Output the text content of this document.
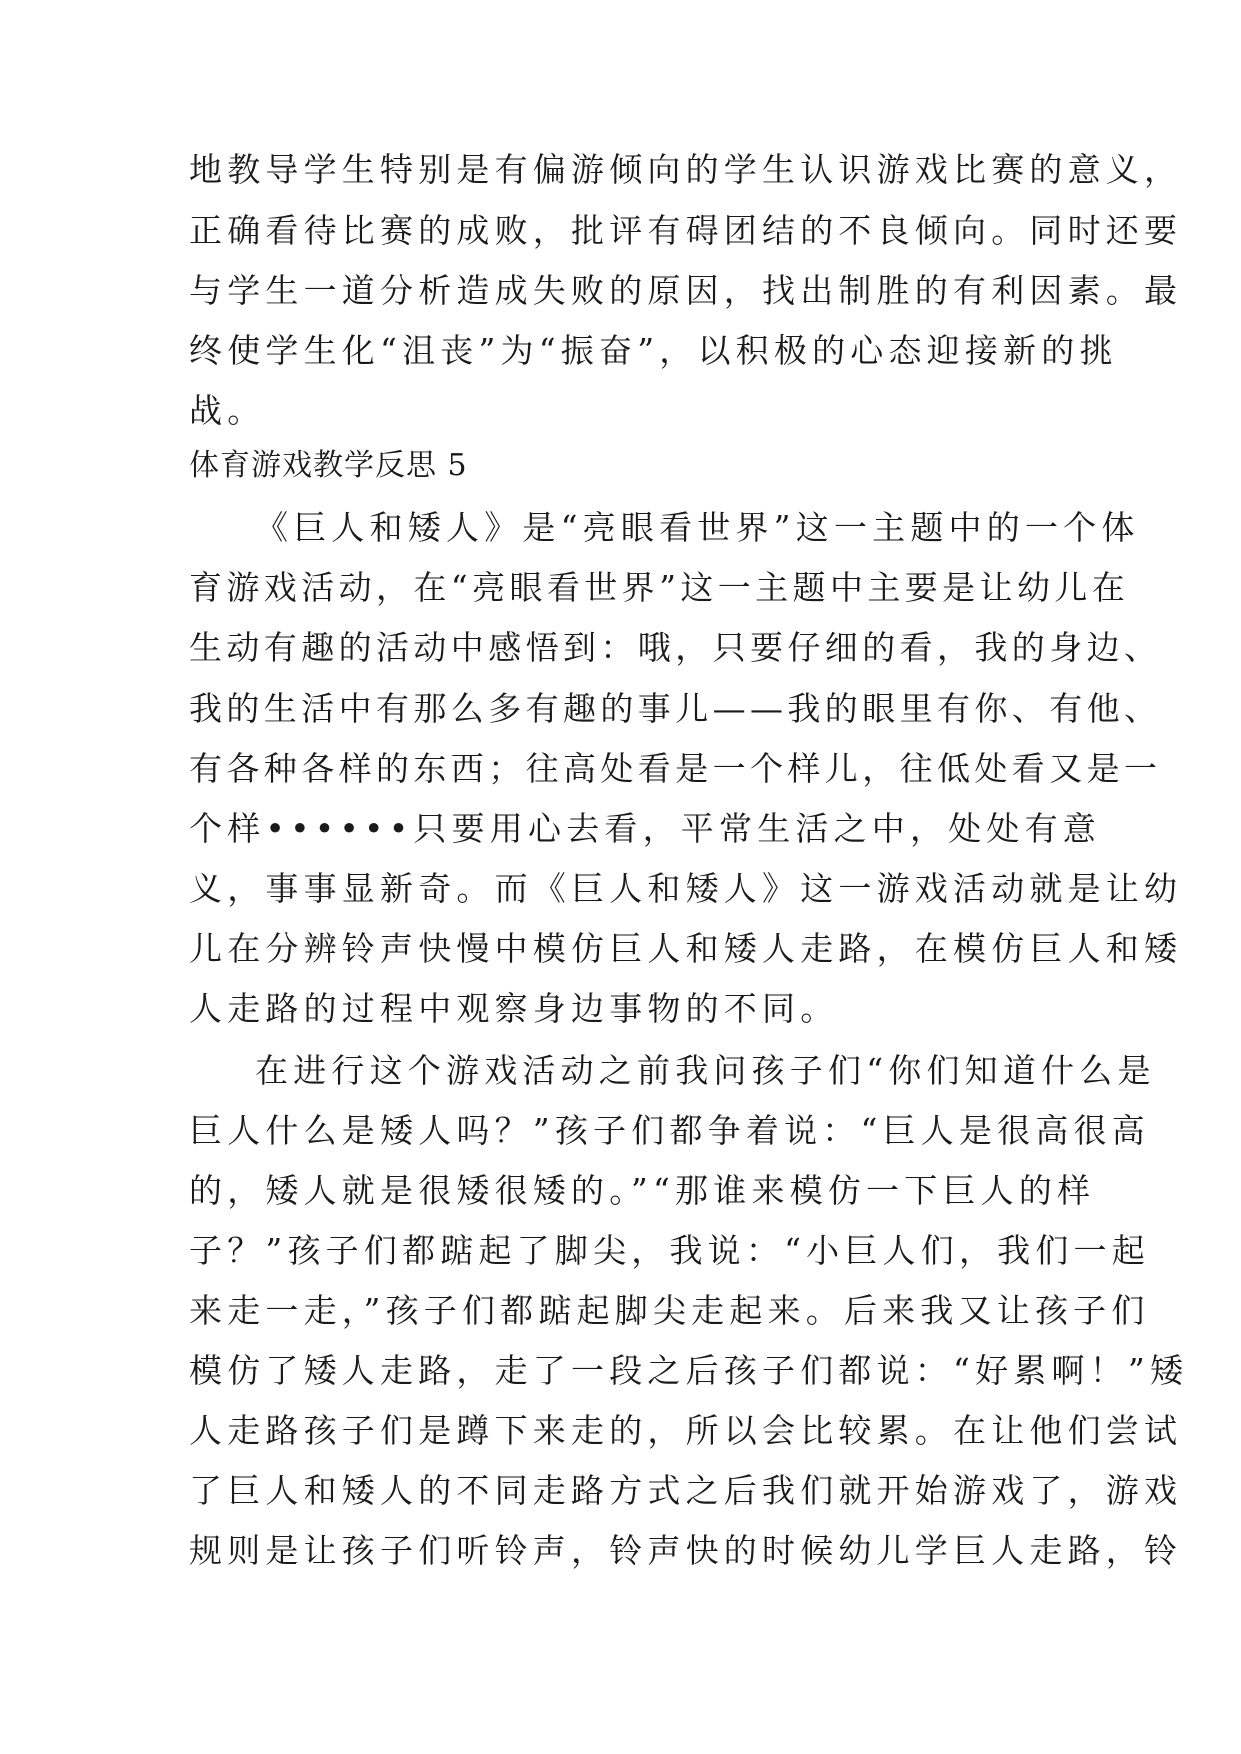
地教导学生特别是有偏游倾向的学生认识游戏比赛的意义，
正确看待比赛的成败，批评有碍团结的不良倾向。同时还要
与学生一道分析造成失败的原因，找出制胜的有利因素。最
终使学生化“沮丧”为“振奋”，以积极的心态迎接新的挑
战。
体育游戏教学反思 5
《巨人和矮人》是“亮眼看世界”这一主题中的一个体
育游戏活动，在“亮眼看世界”这一主题中主要是让幼儿在
生动有趣的活动中感悟到：哦，只要仔细的看，我的身边、
我的生活中有那么多有趣的事儿——我的眼里有你、有他、
有各种各样的东西；往高处看是一个样儿，往低处看又是一
个样••••••只要用心去看，平常生活之中，处处有意
义，事事显新奇。而《巨人和矮人》这一游戏活动就是让幼
儿在分辨铃声快慢中模仿巨人和矮人走路，在模仿巨人和矮
人走路的过程中观察身边事物的不同。
在进行这个游戏活动之前我问孩子们“你们知道什么是
巨人什么是矮人吗？”孩子们都争着说：“巨人是很高很高
的，矮人就是很矮很矮的。”“那谁来模仿一下巨人的样
子？”孩子们都踮起了脚尖，我说：“小巨人们，我们一起
来走一走，”孩子们都踮起脚尖走起来。后来我又让孩子们
模仿了矮人走路，走了一段之后孩子们都说：“好累啊！”矮
人走路孩子们是蹲下来走的，所以会比较累。在让他们尝试
了巨人和矮人的不同走路方式之后我们就开始游戏了，游戏
规则是让孩子们听铃声，铃声快的时候幼儿学巨人走路，铃
